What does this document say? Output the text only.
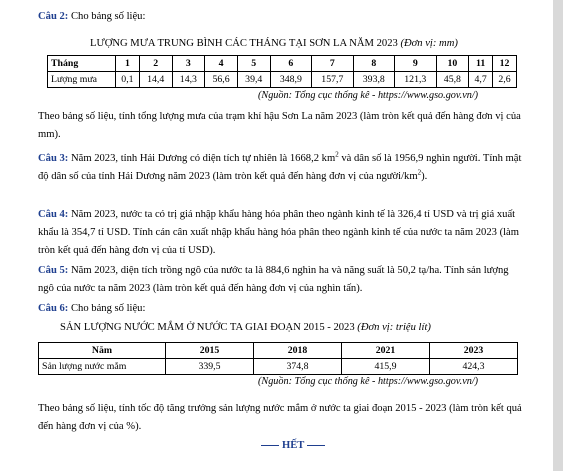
Câu 2: Cho bảng số liệu:
LƯỢNG MƯA TRUNG BÌNH CÁC THÁNG TẠI SƠN LA NĂM 2023 (Đơn vị: mm)
Tháng	1	2	3	4	5	6	7	8	9	10	11	12
Lượng mưa	0,1	14,4	14,3	56,6	39,4	348,9	157,7	393,8	121,3	45,8	4,7	2,6
(Nguồn: Tổng cục thống kê - https://www.gso.gov.vn/)
Theo bảng số liệu, tính tổng lượng mưa của trạm khí hậu Sơn La năm 2023 (làm tròn kết quả đến hàng đơn vị của mm).
Câu 3: Năm 2023, tỉnh Hải Dương có diện tích tự nhiên là 1668,2 $km^2$ và dân số là 1956,9 nghìn người. Tính mật độ dân số của tỉnh Hải Dương năm 2023 (làm tròn kết quả đến hàng đơn vị của người/$km^2$).
Câu 4: Năm 2023, nước ta có trị giá nhập khẩu hàng hóa phân theo ngành kinh tế là 326,4 tỉ USD và trị giá xuất khẩu là 354,7 tỉ USD. Tính cán cân xuất nhập khẩu hàng hóa phân theo ngành kinh tế của nước ta năm 2023 (làm tròn kết quả đến hàng đơn vị của tỉ USD).
Câu 5: Năm 2023, diện tích trồng ngô của nước ta là 884,6 nghìn ha và năng suất là 50,2 tạ/ha. Tính sản lượng ngô của nước ta năm 2023 (làm tròn kết quả đến hàng đơn vị của nghìn tấn).
Câu 6: Cho bảng số liệu:
SẢN LƯỢNG NƯỚC MẮM Ở NƯỚC TA GIAI ĐOẠN 2015 - 2023 (Đơn vị: triệu lít)
Năm	2015	2018	2021	2023
Sản lượng nước mắm	339,5	374,8	415,9	424,3
(Nguồn: Tổng cục thống kê - https://www.gso.gov.vn/)
Theo bảng số liệu, tính tốc độ tăng trưởng sản lượng nước mắm ở nước ta giai đoạn 2015 - 2023 (làm tròn kết quả đến hàng đơn vị của %).
HẾT
